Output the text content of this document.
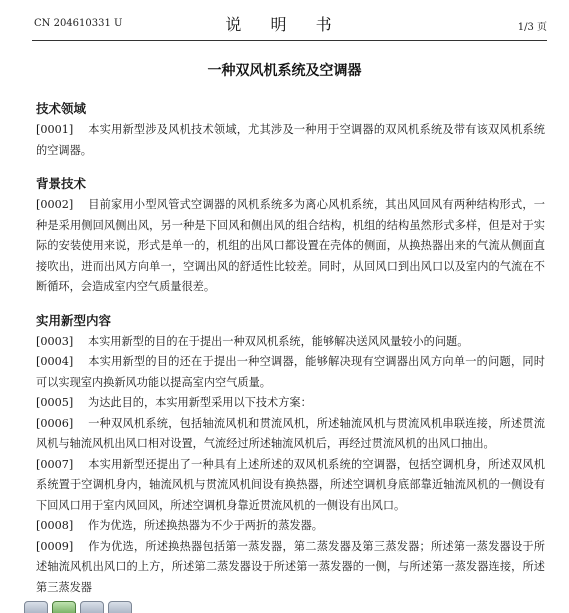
CN 204610331 U	说 明 书	1/3 页
一种双风机系统及空调器
技术领域

[0001] 本实用新型涉及风机技术领域，尤其涉及一种用于空调器的双风机系统及带有该双风机系统的空调器。

背景技术

[0002] 目前家用小型风管式空调器的风机系统多为离心风机系统，其出风回风有两种结构形式，一种是采用侧回风侧出风，另一种是下回风和侧出风的组合结构，机组的结构虽然形式多样，但是对于实际的安装使用来说，形式是单一的，机组的出风口都设置在壳体的侧面，从换热器出来的气流从侧面直接吹出，进而出风方向单一，空调出风的舒适性比较差。同时，从回风口到出风口以及室内的气流在不断循环，会造成室内空气质量很差。

实用新型内容

[0003] 本实用新型的目的在于提出一种双风机系统，能够解决送风风量较小的问题。

[0004] 本实用新型的目的还在于提出一种空调器，能够解决现有空调器出风方向单一的问题，同时可以实现室内换新风功能以提高室内空气质量。

[0005] 为达此目的，本实用新型采用以下技术方案：

[0006] 一种双风机系统，包括轴流风机和贯流风机，所述轴流风机与贯流风机串联连接，所述贯流风机与轴流风机出风口相对设置，气流经过所述轴流风机后，再经过贯流风机的出风口抽出。

[0007] 本实用新型还提出了一种具有上述所述的双风机系统的空调器，包括空调机身，所述双风机系统置于空调机身内，轴流风机与贯流风机间设有换热器，所述空调机身底部靠近轴流风机的一侧设有下回风口用于室内风回风，所述空调机身靠近贯流风机的一侧设有出风口。

[0008] 作为优选，所述换热器为不少于两折的蒸发器。

[0009] 作为优选，所述换热器包括第一蒸发器，第二蒸发器及第三蒸发器；所述第一蒸发器设于所述轴流风机出风口的上方，所述第二蒸发器设于所述第一蒸发器的一侧，与所述第一蒸发器连接，所述第三蒸发器
